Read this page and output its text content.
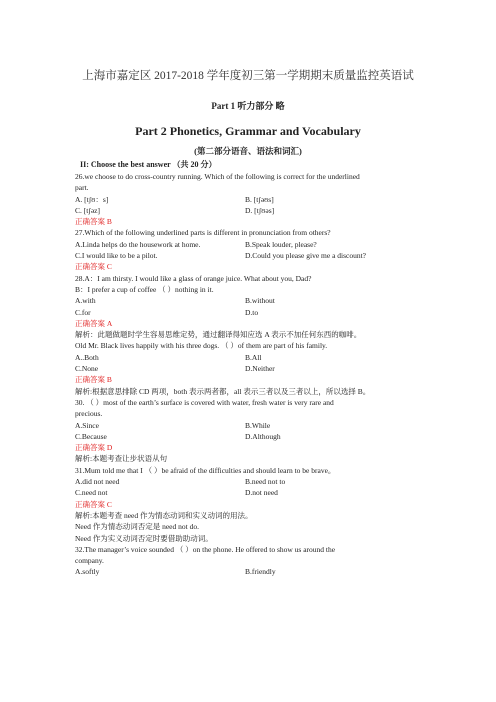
上海市嘉定区 2017-2018 学年度初三第一学期期末质量监控英语试
Part 1 听力部分 略
Part 2 Phonetics, Grammar and Vocabulary
(第二部分语音、语法和词汇)
II: Choose the best answer （共 20 分）
26.we choose to do cross-country running. Which of the following is correct for the underlined
part.
A. [tʃʊ：s]	B. [tʃəʊs]
C. [tʃəz]	D. [tʃʊəs]
正确答案 B
27.Which of the following underlined parts is different in pronunciation from others?
A.Linda helps do the housework at home.	B.Speak louder, please?
C.I would like to be a pilot.	D.Could you please give me a discount?
正确答案 C
28.A：I am thirsty. I would like a glass of orange juice. What about you, Dad?
B：I prefer a cup of coffee （ ）nothing in it.
A.with	B.without
C.for	D.to
正确答案 A
解析：此题做题时学生容易思维定势，通过翻译得知应选 A 表示不加任何东西的咖啡。
Old Mr. Black lives happily with his three dogs. （ ）of them are part of his family.
A..Both	B.All
C.None	D.Neither
正确答案 B
解析:根据意思排除 CD 两项，both 表示两者都，all 表示三者以及三者以上，所以选择 B。
30. （ ）most of the earth’s surface is covered with water, fresh water is very rare and
precious.
A.Since	B.While
C.Because	D.Although
正确答案 D
解析:本题考查让步状语从句
31.Mum told me that I （ ）be afraid of the difficulties and should learn to be brave。
A.did not need	B.need not to
C.need not	D.not need
正确答案 C
解析:本题考查 need 作为情态动词和实义动词的用法。
Need 作为情态动词否定是 need not do.
Need 作为实义动词否定时要借助助动词。
32.The manager’s voice sounded （ ）on the phone. He offered to show us around the
company.
A.softly	B.friendly
